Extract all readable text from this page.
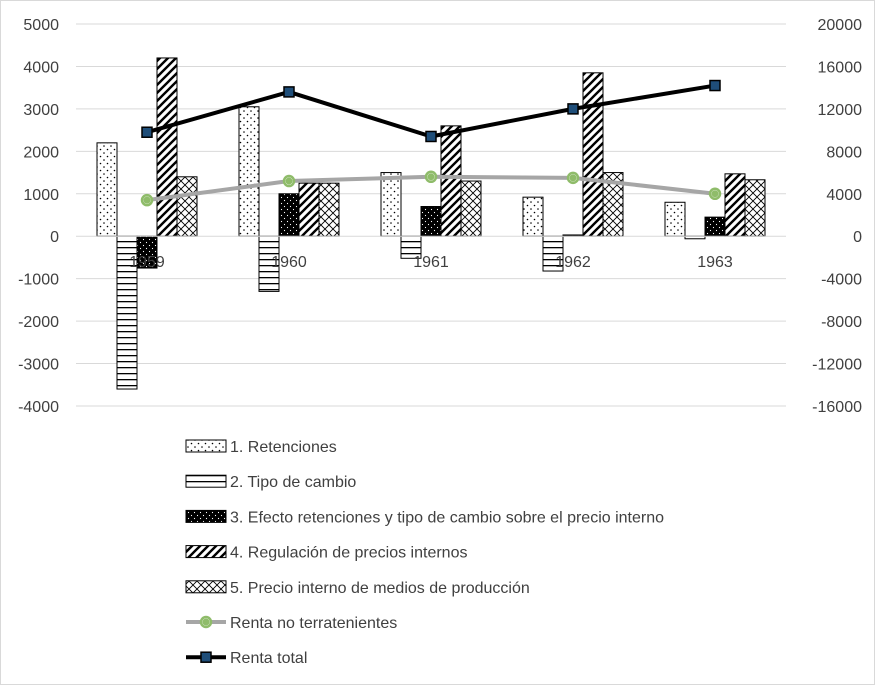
5000
4000
3000
2000
1000
0
-1000
-2000
-3000
-4000
20000
16000
12000
8000
4000
0
-4000
-8000
-12000
-16000
1959	1960	1961	1962	1963
1. Retenciones
2. Tipo de cambio
3. Efecto retenciones y tipo de cambio sobre el precio interno
4. Regulación de precios internos
5. Precio interno de medios de producción
Renta no terratenientes
Renta total
